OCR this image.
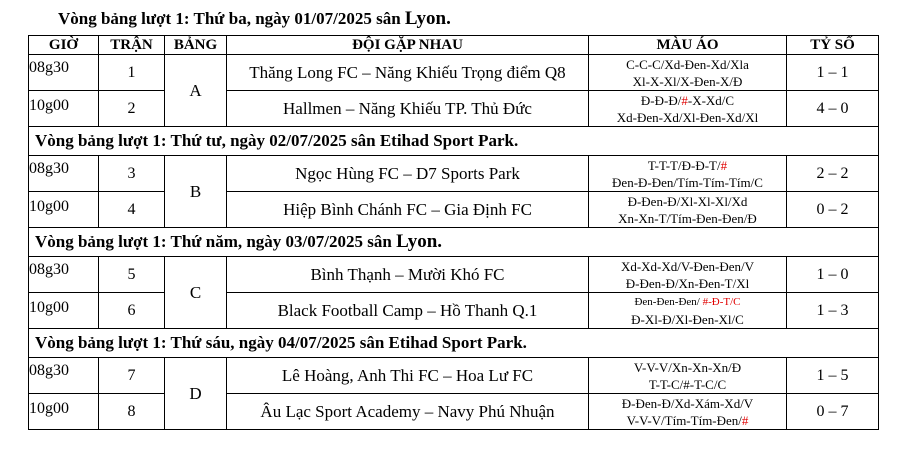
Vòng bảng lượt 1: Thứ ba, ngày 01/07/2025 sân Lyon.
GIỜ	TRẬN	BẢNG	ĐỘI GẶP NHAU	MÀU ÁO	TỶ SỐ

08g30	1	A	Thăng Long FC – Năng Khiếu Trọng điểm Q8	C-C-C/Xd-Đen-Xd/Xla
Xl-X-Xl/X-Đen-X/Đ	1 – 1

10g00	2		Hallmen – Năng Khiếu TP. Thủ Đức	Đ-Đ-Đ/#-X-Xd/C
Xd-Đen-Xd/Xl-Đen-Xd/Xl	4 – 0
Vòng bảng lượt 1: Thứ tư, ngày 02/07/2025 sân Etihad Sport Park.					

08g30	3	B	Ngọc Hùng FC – D7 Sports Park	T-T-T/Đ-Đ-T/#
Đen-Đ-Đen/Tím-Tím-Tím/C	2 – 2

10g00	4		Hiệp Bình Chánh FC – Gia Định FC	Đ-Đen-Đ/Xl-Xl-Xl/Xd
Xn-Xn-T/Tím-Đen-Đen/Đ	0 – 2
Vòng bảng lượt 1: Thứ năm, ngày 03/07/2025 sân Lyon.					

08g30	5	C	Bình Thạnh – Mười Khó FC	Xd-Xd-Xd/V-Đen-Đen/V
Đ-Đen-Đ/Xn-Đen-T/Xl	1 – 0

10g00	6		Black Football Camp – Hồ Thanh Q.1	Đen-Đen-Đen/ #-Đ-T/C
Đ-Xl-Đ/Xl-Đen-Xl/C	1 – 3
Vòng bảng lượt 1: Thứ sáu, ngày 04/07/2025 sân Etihad Sport Park.					

08g30	7	D	Lê Hoàng, Anh Thi FC – Hoa Lư FC	V-V-V/Xn-Xn-Xn/Đ
T-T-C/#-T-C/C	1 – 5

10g00	8		Âu Lạc Sport Academy – Navy Phú Nhuận	Đ-Đen-Đ/Xd-Xám-Xd/V
V-V-V/Tím-Tím-Đen/#	0 – 7
